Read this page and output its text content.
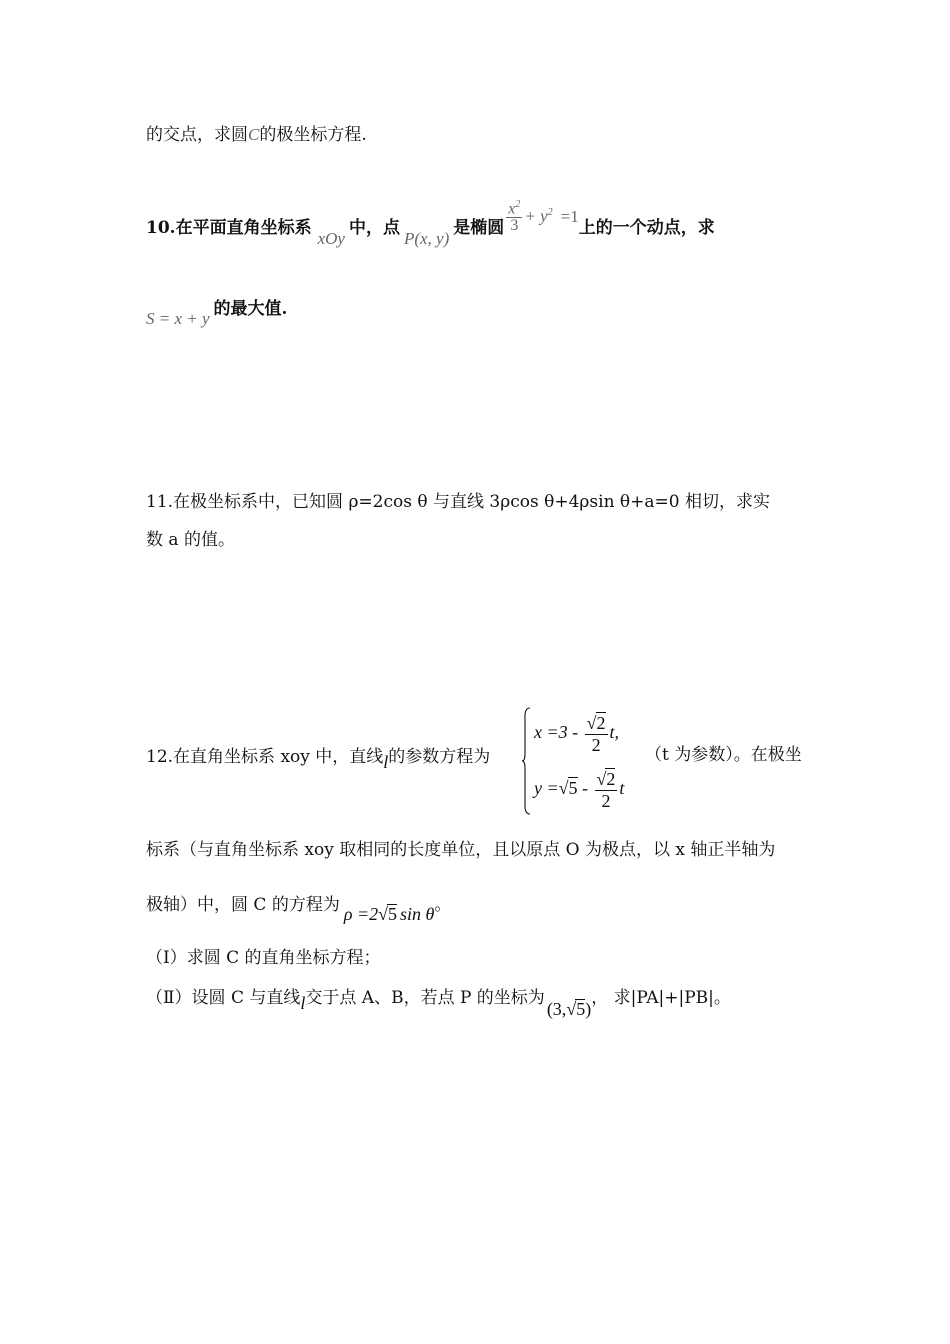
的交点，求圆C的极坐标方程.
10.在平面直角坐标系xOy中，点P(x, y)是椭圆 $\frac{x^2}{3} + y^2 =1$上的一个动点，求
S = x + y 的最大值.
11.在极坐标系中，已知圆 ρ=2cos θ 与直线 3ρcos θ+4ρsin θ+a=0 相切，求实
数 a 的值。
12.在直角坐标系 xoy 中，直线l的参数方程为
$x =3 - \frac{√2}{2} t$,
$y =√5 - \frac{√2}{2}$ t
（t 为参数）。在极坐
标系（与直角坐标系 xoy 取相同的长度单位，且以原点 O 为极点，以 x 轴正半轴为
极轴）中，圆 C 的方程为 ρ =2√5 sin θ。
（Ⅰ）求圆 C 的直角坐标方程；
（Ⅱ）设圆 C 与直线l交于点 A、B，若点 P 的坐标为(3,√5)， 求|PA|+|PB|。
